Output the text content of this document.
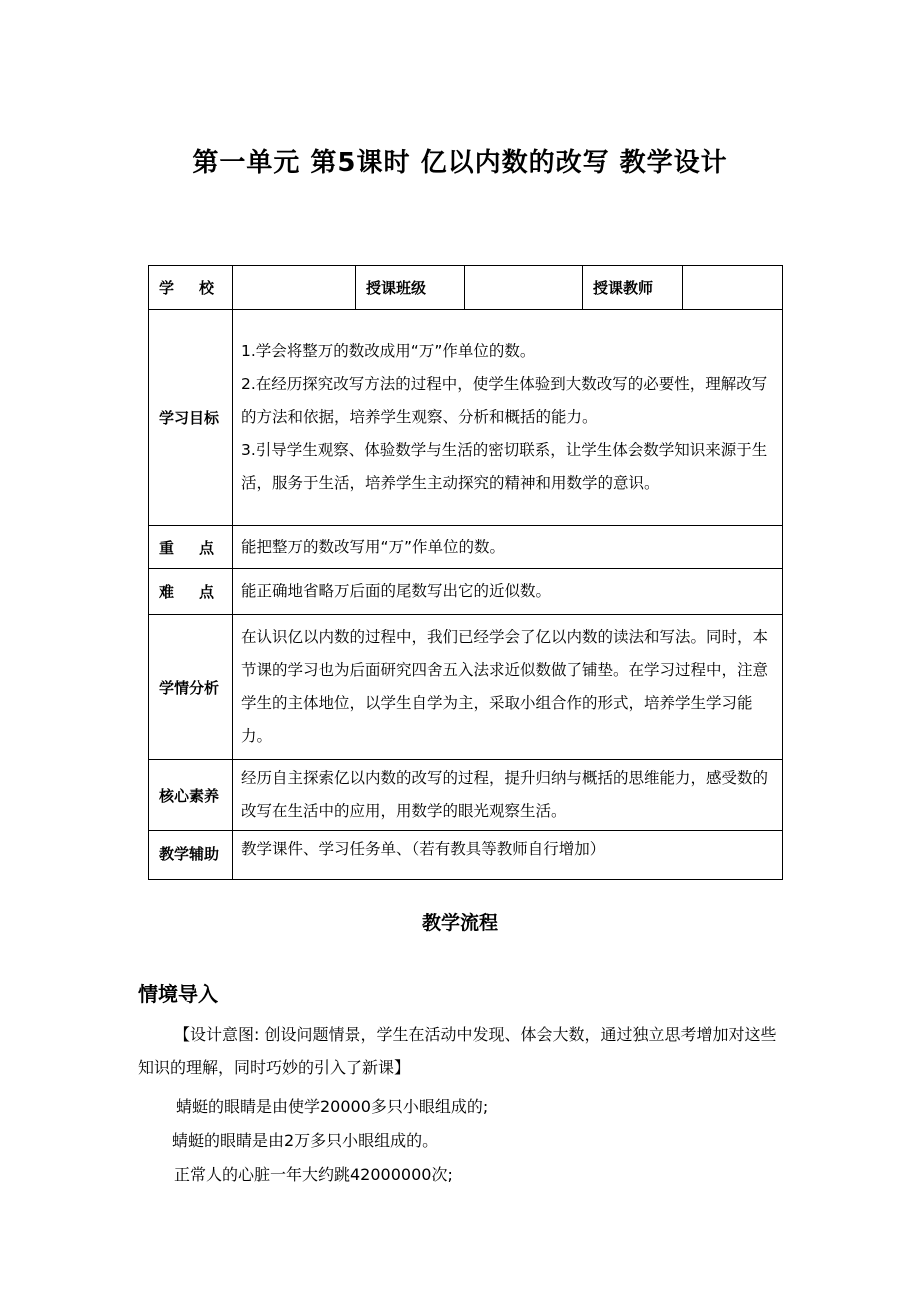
第一单元 第5课时 亿以内数的改写 教学设计
学 校		授课班级		授课教师	
学习目标	1.学会将整万的数改成用“万”作单位的数。
2.在经历探究改写方法的过程中，使学生体验到大数改写的必要性，理解改写的方法和依据，培养学生观察、分析和概括的能力。
3.引导学生观察、体验数学与生活的密切联系，让学生体会数学知识来源于生活，服务于生活，培养学生主动探究的精神和用数学的意识。				

重 点	能把整万的数改写用“万”作单位的数。				

难 点	能正确地省略万后面的尾数写出它的近似数。				
学情分析	在认识亿以内数的过程中，我们已经学会了亿以内数的读法和写法。同时，本节课的学习也为后面研究四舍五入法求近似数做了铺垫。在学习过程中，注意学生的主体地位，以学生自学为主，采取小组合作的形式，培养学生学习能力。				
核心素养	经历自主探索亿以内数的改写的过程，提升归纳与概括的思维能力，感受数的改写在生活中的应用，用数学的眼光观察生活。				
教学辅助	教学课件、学习任务单、（若有教具等教师自行增加）				
教学流程
情境导入
【设计意图: 创设问题情景，学生在活动中发现、体会大数，通过独立思考增加对这些知识的理解，同时巧妙的引入了新课】
蜻蜓的眼睛是由使学20000多只小眼组成的;
蜻蜓的眼睛是由2万多只小眼组成的。
正常人的心脏一年大约跳42000000次;
